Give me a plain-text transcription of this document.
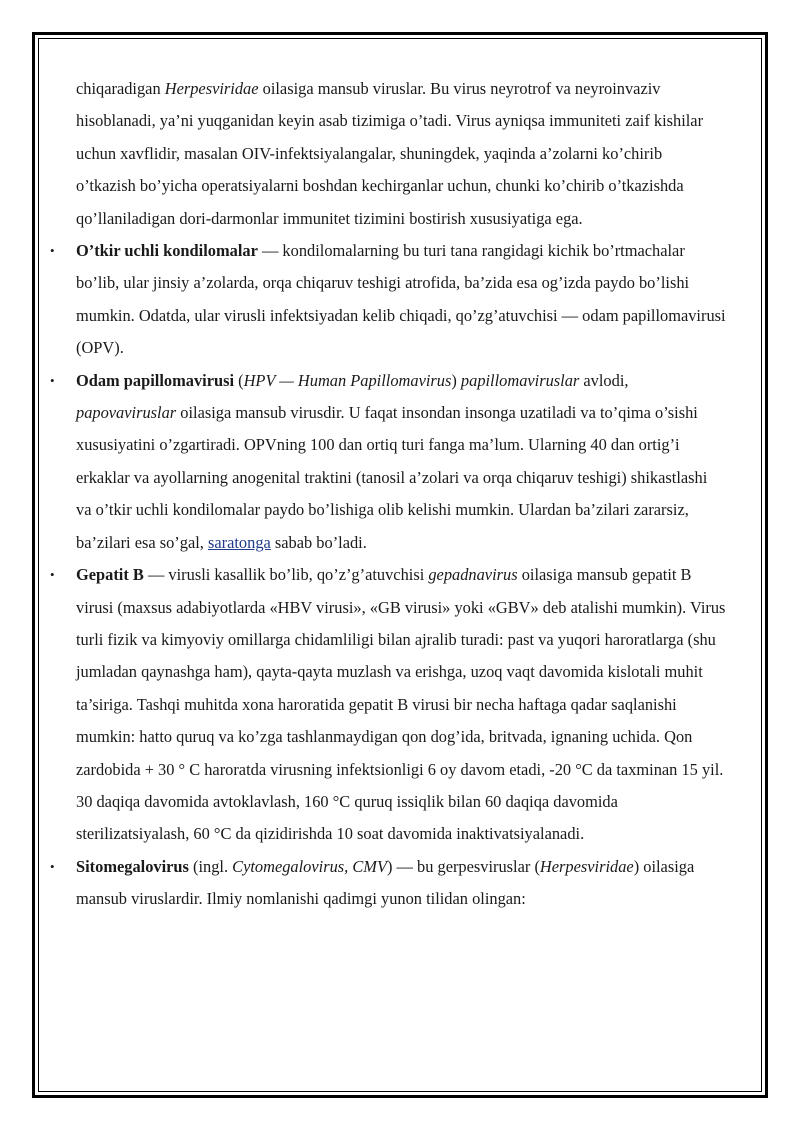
chiqaradigan Herpesviridae oilasiga mansub viruslar. Bu virus neyrotrof va neyroinvaziv hisoblanadi, ya’ni yuqganidan keyin asab tizimiga o’tadi. Virus ayniqsa immuniteti zaif kishilar uchun xavflidir, masalan OIV-infektsiyalangalar, shuningdek, yaqinda a’zolarni ko’chirib o’tkazish bo’yicha operatsiyalarni boshdan kechirganlar uchun, chunki ko’chirib o’tkazishda qo’llaniladigan dori-darmonlar immunitet tizimini bostirish xususiyatiga ega.

• O’tkir uchli kondilomalar — kondilomalarning bu turi tana rangidagi kichik bo’rtmachalar bo’lib, ular jinsiy a’zolarda, orqa chiqaruv teshigi atrofida, ba’zida esa og’izda paydo bo’lishi mumkin. Odatda, ular virusli infektsiyadan kelib chiqadi, qo’zg’atuvchisi — odam papillomavirusi (OPV).
• Odam papillomavirusi (HPV — Human Papillomavirus) papillomaviruslar avlodi, papovaviruslar oilasiga mansub virusdir. U faqat insondan insonga uzatiladi va to’qima o’sishi xususiyatini o’zgartiradi. OPVning 100 dan ortiq turi fanga ma’lum. Ularning 40 dan ortig’i erkaklar va ayollarning anogenital traktini (tanosil a’zolari va orqa chiqaruv teshigi) shikastlashi va o’tkir uchli kondilomalar paydo bo’lishiga olib kelishi mumkin. Ulardan ba’zilari zararsiz, ba’zilari esa so’gal, saratonga sabab bo’ladi.
• Gepatit B — virusli kasallik bo’lib, qo’z’g’atuvchisi gepadnavirus oilasiga mansub gepatit B virusi (maxsus adabiyotlarda «HBV virusi», «GB virusi» yoki «GBV» deb atalishi mumkin). Virus turli fizik va kimyoviy omillarga chidamliligi bilan ajralib turadi: past va yuqori haroratlarga (shu jumladan qaynashga ham), qayta-qayta muzlash va erishga, uzoq vaqt davomida kislotali muhit ta’siriga. Tashqi muhitda xona haroratida gepatit B virusi bir necha haftaga qadar saqlanishi mumkin: hatto quruq va ko’zga tashlanmaydigan qon dog’ida, britvada, ignaning uchida. Qon zardobida + 30 ° C haroratda virusning infektsionligi 6 oy davom etadi, -20 °C da taxminan 15 yil. 30 daqiqa davomida avtoklavlash, 160 °C quruq issiqlik bilan 60 daqiqa davomida sterilizatsiyalash, 60 °C da qizidirishda 10 soat davomida inaktivatsiyalanadi.
• Sitomegalovirus (ingl. Cytomegalovirus, CMV) — bu gerpesviruslar (Herpesviridae) oilasiga mansub viruslardir. Ilmiy nomlanishi qadimgi yunon tilidan olingan:
